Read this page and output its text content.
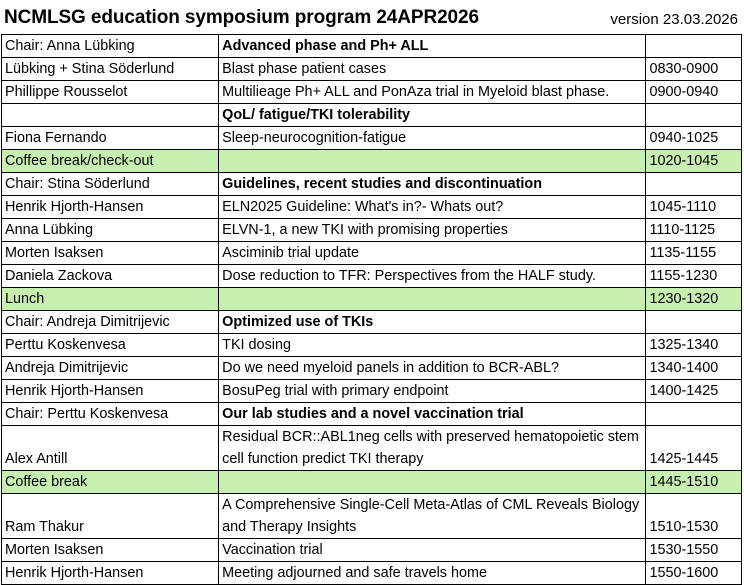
NCMLSG education symposium program 24APR2026	version 23.03.2026
Chair: Anna Lübking	Advanced phase and Ph+ ALL	
Lübking + Stina Söderlund	Blast phase patient cases	0830-0900
Phillippe Rousselot	Multilieage Ph+ ALL and PonAza trial in Myeloid blast phase.	0900-0940
	QoL/ fatigue/TKI tolerability	
Fiona Fernando	Sleep-neurocognition-fatigue	0940-1025
Coffee break/check-out		1020-1045
Chair: Stina Söderlund	Guidelines, recent studies and discontinuation	
Henrik Hjorth-Hansen	ELN2025 Guideline: What's in?- Whats out?	1045-1110
Anna Lübking	ELVN-1, a new TKI with promising properties	1110-1125
Morten Isaksen	Asciminib trial update	1135-1155
Daniela Zackova	Dose reduction to TFR: Perspectives from the HALF study.	1155-1230
Lunch		1230-1320
Chair: Andreja Dimitrijevic	Optimized use of TKIs	
Perttu Koskenvesa	TKI dosing	1325-1340
Andreja Dimitrijevic	Do we need myeloid panels in addition to BCR-ABL?	1340-1400
Henrik Hjorth-Hansen	BosuPeg trial with primary endpoint	1400-1425
Chair: Perttu Koskenvesa	Our lab studies and a novel vaccination trial	
Alex Antill	Residual BCR::ABL1neg cells with preserved hematopoietic stem cell function predict TKI therapy	1425-1445
Coffee break		1445-1510
Ram Thakur	A Comprehensive Single-Cell Meta-Atlas of CML Reveals Biology and Therapy Insights	1510-1530
Morten Isaksen	Vaccination trial	1530-1550
Henrik Hjorth-Hansen	Meeting adjourned and safe travels home	1550-1600
